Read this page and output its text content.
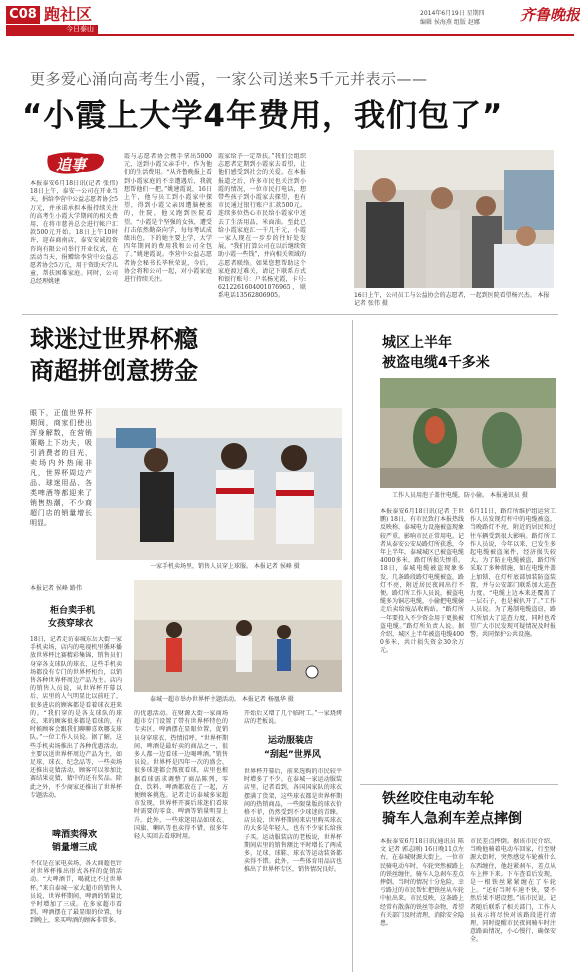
C08 跑社区
今日泰山
2014年6月19日 星期四
编辑 侯海燕 组版 赵娜	齐鲁晚报
更多爱心涌向高考生小霞，一家公司送来5千元并表示——
“小霞上大学4年费用，我们包了”
追事
本报泰安6月18日讯(记者 张伟) 18日上午，泰安一公司在开业当天，捐给李营中公益志愿者协会5万元，并承诺承担本报持续关注的高考生小霞大学期间的相关费用，在将市慈善总会进行帐户汇款500元开始。18日上午10时许，迎春商南店，泰安安诚投资咨询有限公司举行开业仪式，在活动当天，捐赠给李营中公益志愿者协会5万元，用于资助天学儿童，帮扶困难家庭。同时，公司总经理姚建
霞与志愿者协会携手拿出5000元，送到小霞父亲手中，作为他们的生活费用。“从齐鲁晚报上看到小霞家庭的不幸遭遇后，我就想帮他们一把。”姚建霞说，16日上午，他与员工到小霞家中探望，得到小霞父亲因遭脑梗塞的，住院，他又跑到医院看望。“小霞是个坚强的女孩，遭受打击依然勤奋向学，每每考试成绩出色，下的她主要上学，大学四年期间的费用我和公司全包了。”姚建霞说。李营中公益志愿者协会秘书长毕秋荣说，今后，协会将和公司一起，对小霞家庭进行持续关注。
霞家给予一定帮扶。”我们会组织志愿者定期到小霞家去看望，让他们感受到社会的关爱。在本报报道之后，许多市民也关注到小霞的情况，一位市民打电话，想带些孩子到小霞家去探望，也有市民通过银行账户汇款500元。连续多位热心市民给小霞家中送去了生活用品，米面油。至此已给小霞家庭汇一千几千元，小霞一家人现在一步步的往好处发展。“我们打算公司在以后继续资助小霞一些钱”，并向相关领域的志愿者联络。如果您想帮助这个家庭渡过难关，请记下联系方式和银行账号：户名杨光霞，卡号:6212261604001076965，联系电话13562806905。	16日上午，公司员工与公益协会的志愿者，一起到医院看望杨兴杰。 本报记者 张伟 摄
球迷过世界杯瘾
商超拼创意捞金
眼下，正值世界杯期间，商家们使出浑身解数，在营销策略上下功夫，吸引消费者的目光，卖场内外热闹非凡，世界杯周边产品、球迷用品、各类啤酒等都迎来了销售热潮，不少商超门店的销量增长明显。
一家手机卖场里，销售人员穿上球服。 本报记者 侯峰 摄
本报记者 侯峰 路伟
柜台卖手机
女孩穿球衣
18日，记者走访泰城东岳大街一家手机卖场，店内的电视机里循环播放世界杯比赛精彩集锦，销售员们身穿各支球队的球衣，这些手机卖场都没有专门的世界杯柜台，以销售各种世界杯周边产品为主。店内的销售人员说，从世界杯开幕以后，店里的人气明显比以前旺了，很多进店的顾客都是看着球衣进来的。“我们穿的是各支球队的球衣，来的顾客很多都是看球的，有时候顾客会跟我们聊聊喜欢哪支球队。”一位工作人员说。据了解，这些手机卖场推出了各种优惠活动，主要以送世界杯周边产品为主，如足球、球衣、纪念品等，一些卖场还推出竞猜活动，顾客可以参加比赛结果竞猜，猜中的还有奖品。除此之外，不少商家还推出了世界杯专题活动。
啤酒卖得欢
销量增三成
不仅是在家电卖场，各大商超也针对世界杯推出形式各样的促销活动。“大啤酒节，喝就比不过世界杯。”来自泰城一家大超市的销售人员说，世界杯期间，啤酒的销量比平时增加了三成。在多家超市看到，啤酒摆在了最显眼的位置，每到晚上，来买啤酒的顾客非常多。
泰城一超市举办世界杯主题活动。 本报记者 杨凰华 摄
的优惠活动。在财源大街一家商场超市专门设置了带有世界杯特色的专卖区，啤酒摆在显眼位置，促销员身穿球衣，热情招呼。“世界杯期间，啤酒是最好卖的商品之一，很多人都一边看球一边喝啤酒。”销售员说。世界杯是四年一次的盛会，很多球迷都会熬夜看球，店里也根据看球需求调整了商品陈列，零食、饮料、啤酒都放在了一起，方便顾客挑选。记者走访泰城多家超市发现，世界杯开赛后球迷们看球时需要的零食、啤酒等销量明显上升。此外，一些球迷用品如球衣、国旗、喇叭等也卖得不错，很多年轻人买回去看球时用。
开始后又增了几个临时工。”一家烧烤店的老板说。
运动服装店
“刮起”世界风
世界杯开幕后，前来选购的市民较平时增多了不少。在泰城一家运动服装店里，记者看到，各国国家队的球衣摆满了货架，这些球衣都是世界杯期间的热销商品，一些限量版的球衣价格不菲，仍然受到不少球迷的青睐。店员说，世界杯期间来店里购买球衣的大多是年轻人，也有不少家长给孩子买。运动服装店的老板说，世界杯期间店里的销售额比平时增长了两成多，足球、球鞋、球衣等运动装备都卖得不错。此外，一些体育用品店也推出了世界杯专区，销售情况良好。
城区上半年
被盗电缆4千多米
工作人员用泡子盖住电缆，防小偷。 本报通讯员 摄
本报泰安6月18日讯(记者 王世鹏) 18日，有市民致打本报热线反映称，泰城电力设施被盗现象较严重，影响市民正常用电。记者从泰安公安局路灯所获悉，今年上半年，泰城城区已被盗电缆4000多米，路灯所损失惨重。18日，泰城电缆被盗现象多发，几条路段路灯电缆被盗，路灯不亮，附近居民夜间出行不便。路灯所工作人员说，被盗电缆多为铜芯电缆，小偷把电缆偷走后卖给废品收购站。“路灯所一年要投入不少资金用于更换被盗电缆。”路灯所负责人说。据介绍，城区上半年被盗电缆4000多米，共计损失资金30余万元。
6月11日，路灯所维护组运营工作人员发现灯杆中的电缆被盗，当晚路灯不亮，附近的居民和过往车辆受到很大影响。路灯所工作人员说，今年以来，已发生多起电缆被盗案件，经济损失较大。为了防止电缆被盗，路灯所采取了多种措施，如在电缆井盖上加锁、在灯杆底部加装防盗装置，并与公安部门联系加大巡查力度。“电缆上边本来还覆盖了一层石子，也是被扒开了。”工作人员说。为了遏制电缆盗窃，路灯所加大了巡查力度，同时也希望广大市民发现可疑情况及时报警，共同保护公共设施。
铁丝咬住电动车轮
骑车人急刹车差点摔倒
本报泰安6月18日讯(通讯员 陈文 记者 郭志刚) 16日晚11点左右，在泰城财源大街上，一位市民骑电动车时，车轮突然被路上的铁丝缠住，骑车人急刹车差点摔倒。当时的情况十分危险，幸亏路过的市民帮忙把铁丝从车轮中扯出来。市民反映，这条路上经常有散落的铁丝等杂物，希望有关部门及时清理，消除安全隐患。
市民差点摔倒。据该市民介绍，当晚他骑着电动车回家，行至财源大街时，突然感觉车轮被什么东西缠住，他赶紧刹车，差点从车上摔下来。下车查看后发现，是一根铁丝紧紧缠在了车轮上。“还好当时车速不快，要不然后果不堪设想。”该市民说。记者随后联系了相关部门，工作人员表示将尽快对该路段进行清理，同时提醒市民夜间骑车时注意路面情况，小心慢行，确保安全。
